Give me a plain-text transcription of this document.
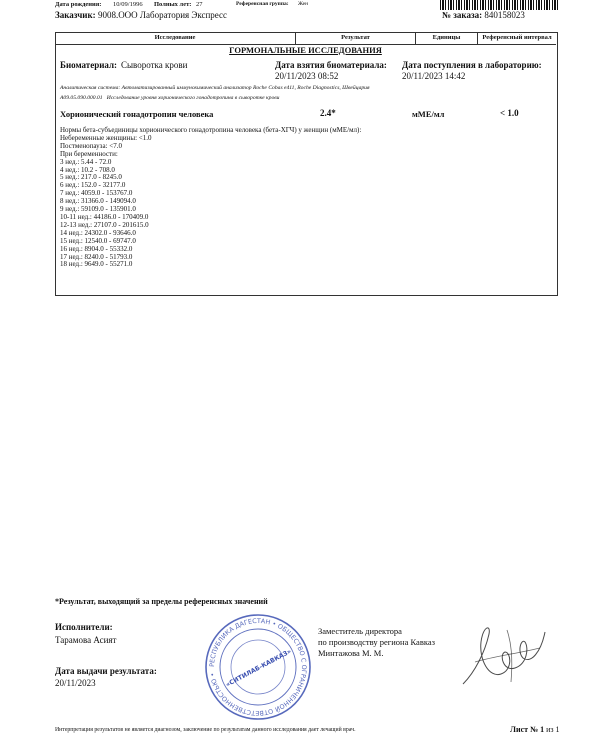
Дата рождения: 10/09/1996 Полных лет: 27	Референсная группа: Жен
Заказчик: 9008.ООО Лаборатория Экспресс	№ заказа: 840158023
Исследование	Результат	Единицы	Референсный интервал
ГОРМОНАЛЬНЫЕ ИССЛЕДОВАНИЯ
Биоматериал: Сыворотка крови	Дата взятия биоматериала:
20/11/2023 08:52
Дата поступления в лабораторию:
20/11/2023 14:42
Аналитическая система: Автоматизированный иммунохимический анализатор Roche Cobas e411, Roche Diagnostics, Швейцария
A09.05.090.000.01 Исследование уровня хорионического гонадотропина в сыворотке крови
Хорионический гонадотропин человека	2.4*	мМЕ/мл	< 1.0
Нормы бета-субъединицы хорионического гонадотропина человека (бета-ХГЧ) у женщин (мМЕ/мл):
Небеременные женщины: <1.0
Постменопауза: <7.0
При беременности:
3 нед.: 5.44 - 72.0
4 нед.: 10.2 - 708.0
5 нед.: 217.0 - 8245.0
6 нед.: 152.0 - 32177.0
7 нед.: 4059.0 - 153767.0
8 нед.: 31366.0 - 149094.0
9 нед.: 59109.0 - 135901.0
10-11 нед.: 44186.0 - 170409.0
12-13 нед.: 27107.0 - 201615.0
14 нед.: 24302.0 - 93646.0
15 нед.: 12540.0 - 69747.0
16 нед.: 8904.0 - 55332.0
17 нед.: 8240.0 - 51793.0
18 нед.: 9649.0 - 55271.0
*Результат, выходящий за пределы референсных значений
Исполнители:
Тарамова Асият
Дата выдачи результата:
20/11/2023
Заместитель директора
по производству региона Кавказ
Минтажова М. М.
РЕСПУБЛИКА ДАГЕСТАН • ОБЩЕСТВО С ОГРАНИЧЕННОЙ ОТВЕТСТВЕННОСТЬЮ •	«СИТИЛАБ-КАВКАЗ»
Интерпретация результатов не является диагнозом, заключение по результатам данного исследования дает лечащий врач.	Лист № 1 из 1
